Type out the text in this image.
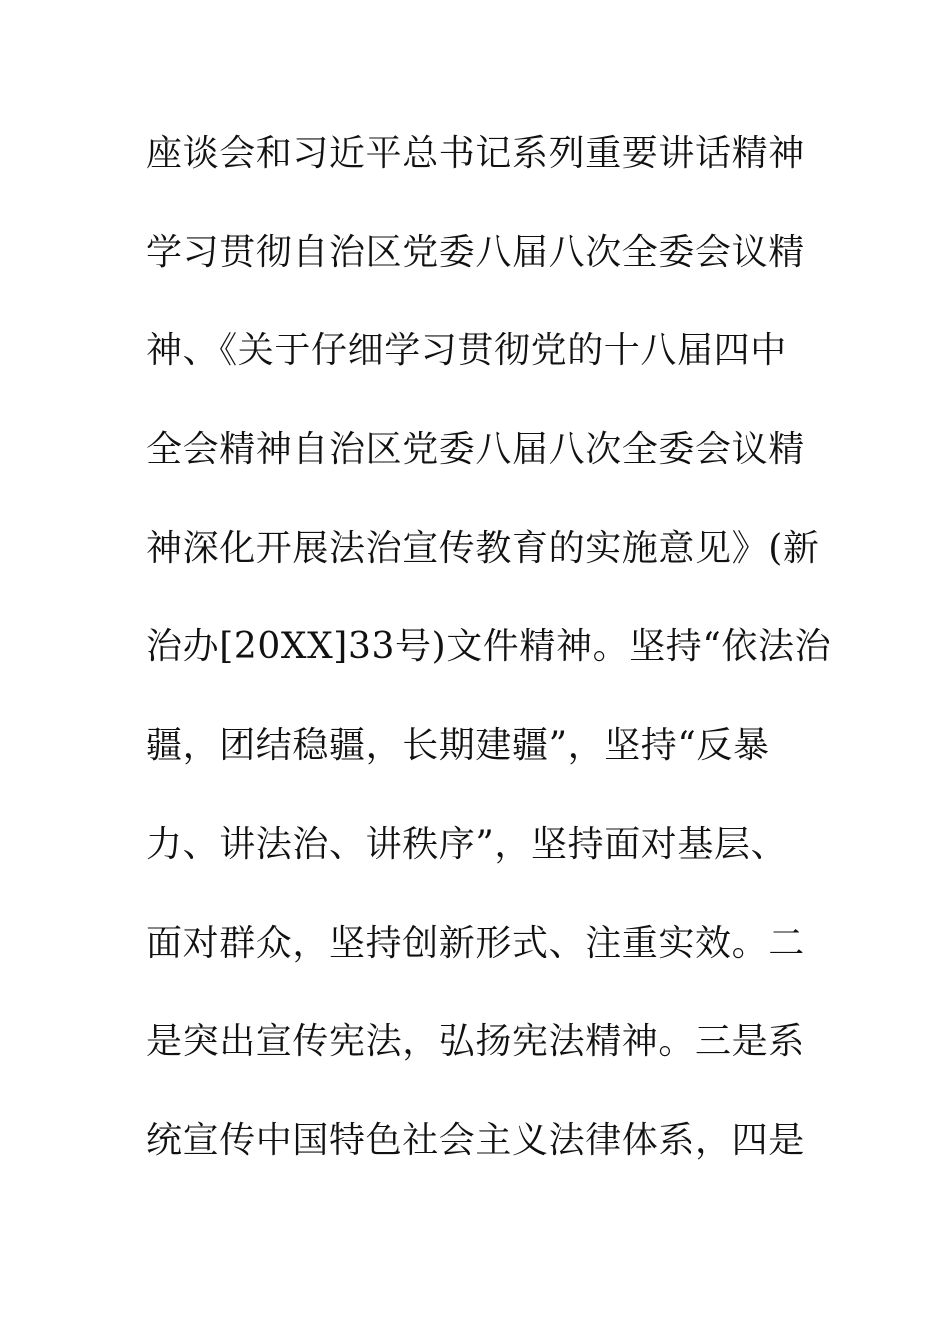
座谈会和习近平总书记系列重要讲话精神
学习贯彻自治区党委八届八次全委会议精
神、《关于仔细学习贯彻党的十八届四中
全会精神自治区党委八届八次全委会议精
神深化开展法治宣传教育的实施意见》(新
治办[20XX]33号)文件精神。坚持“依法治
疆，团结稳疆，长期建疆”，坚持“反暴
力、讲法治、讲秩序”，坚持面对基层、
面对群众，坚持创新形式、注重实效。二
是突出宣传宪法，弘扬宪法精神。三是系
统宣传中国特色社会主义法律体系，四是
